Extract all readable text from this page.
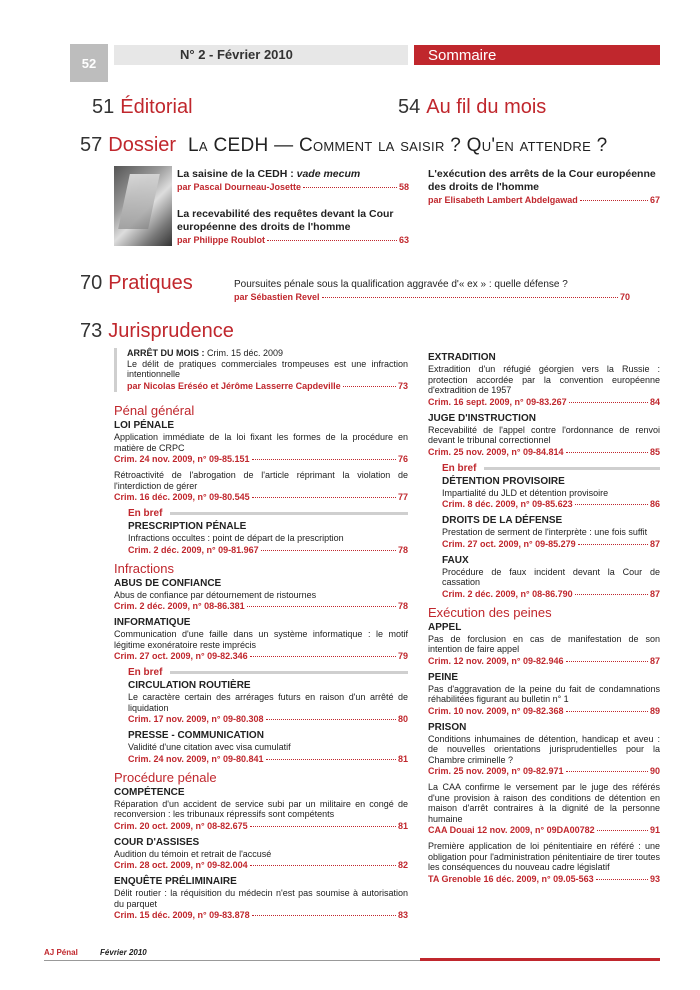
52
N° 2 - Février 2010	Sommaire
51 Éditorial	54 Au fil du mois
57 Dossier La CEDH — Comment la saisir ? Qu'en attendre ?
La saisine de la CEDH : vade mecum
par Pascal Dourneau-Josette	58
La recevabilité des requêtes devant la Cour européenne des droits de l'homme
par Philippe Roublot	63
L'exécution des arrêts de la Cour européenne des droits de l'homme
par Elisabeth Lambert Abdelgawad	67
70 Pratiques	Poursuites pénale sous la qualification aggravée d'« ex » : quelle défense ?
par Sébastien Revel	70
73 Jurisprudence
ARRÊT DU MOIS : Crim. 15 déc. 2009
Le délit de pratiques commerciales trompeuses est une infraction intentionnelle
par Nicolas Eréséo et Jérôme Lasserre Capdeville	73
Pénal général
LOI PÉNALE
Application immédiate de la loi fixant les formes de la procédure en matière de CRPC
Crim. 24 nov. 2009, n° 09-85.151	76
Rétroactivité de l'abrogation de l'article réprimant la violation de l'interdiction de gérer
Crim. 16 déc. 2009, n° 09-80.545	77
En bref
PRESCRIPTION PÉNALE
Infractions occultes : point de départ de la prescription
Crim. 2 déc. 2009, n° 09-81.967	78
Infractions
ABUS DE CONFIANCE
Abus de confiance par détournement de ristournes
Crim. 2 déc. 2009, n° 08-86.381	78
INFORMATIQUE
Communication d'une faille dans un système informatique : le motif légitime exonératoire reste imprécis
Crim. 27 oct. 2009, n° 09-82.346	79
En bref
CIRCULATION ROUTIÈRE
Le caractère certain des arrérages futurs en raison d'un arrêté de liquidation
Crim. 17 nov. 2009, n° 09-80.308	80
PRESSE - COMMUNICATION
Validité d'une citation avec visa cumulatif
Crim. 24 nov. 2009, n° 09-80.841	81
Procédure pénale
COMPÉTENCE
Réparation d'un accident de service subi par un militaire en congé de reconversion : les tribunaux répressifs sont compétents
Crim. 20 oct. 2009, n° 08-82.675	81
COUR D'ASSISES
Audition du témoin et retrait de l'accusé
Crim. 28 oct. 2009, n° 09-82.004	82
ENQUÊTE PRÉLIMINAIRE
Délit routier : la réquisition du médecin n'est pas soumise à autorisation du parquet
Crim. 15 déc. 2009, n° 09-83.878	83
EXTRADITION
Extradition d'un réfugié géorgien vers la Russie : protection accordée par la convention européenne d'extradition de 1957
Crim. 16 sept. 2009, n° 09-83.267	84
JUGE D'INSTRUCTION
Recevabilité de l'appel contre l'ordonnance de renvoi devant le tribunal correctionnel
Crim. 25 nov. 2009, n° 09-84.814	85
En bref
DÉTENTION PROVISOIRE
Impartialité du JLD et détention provisoire
Crim. 8 déc. 2009, n° 09-85.623	86
DROITS DE LA DÉFENSE
Prestation de serment de l'interprète : une fois suffit
Crim. 27 oct. 2009, n° 09-85.279	87
FAUX
Procédure de faux incident devant la Cour de cassation
Crim. 2 déc. 2009, n° 08-86.790	87
Exécution des peines
APPEL
Pas de forclusion en cas de manifestation de son intention de faire appel
Crim. 12 nov. 2009, n° 09-82.946	87
PEINE
Pas d'aggravation de la peine du fait de condamnations réhabilitées figurant au bulletin n° 1
Crim. 10 nov. 2009, n° 09-82.368	89
PRISON
Conditions inhumaines de détention, handicap et aveu : de nouvelles orientations jurisprudentielles pour la Chambre criminelle ?
Crim. 25 nov. 2009, n° 09-82.971	90
La CAA confirme le versement par le juge des référés d'une provision à raison des conditions de détention en maison d'arrêt contraires à la dignité de la personne humaine
CAA Douai 12 nov. 2009, n° 09DA00782	91
Première application de loi pénitentiaire en référé : une obligation pour l'administration pénitentiaire de tirer toutes les conséquences du nouveau cadre législatif
TA Grenoble 16 déc. 2009, n° 09.05-563	93
AJ Pénal	Février 2010
